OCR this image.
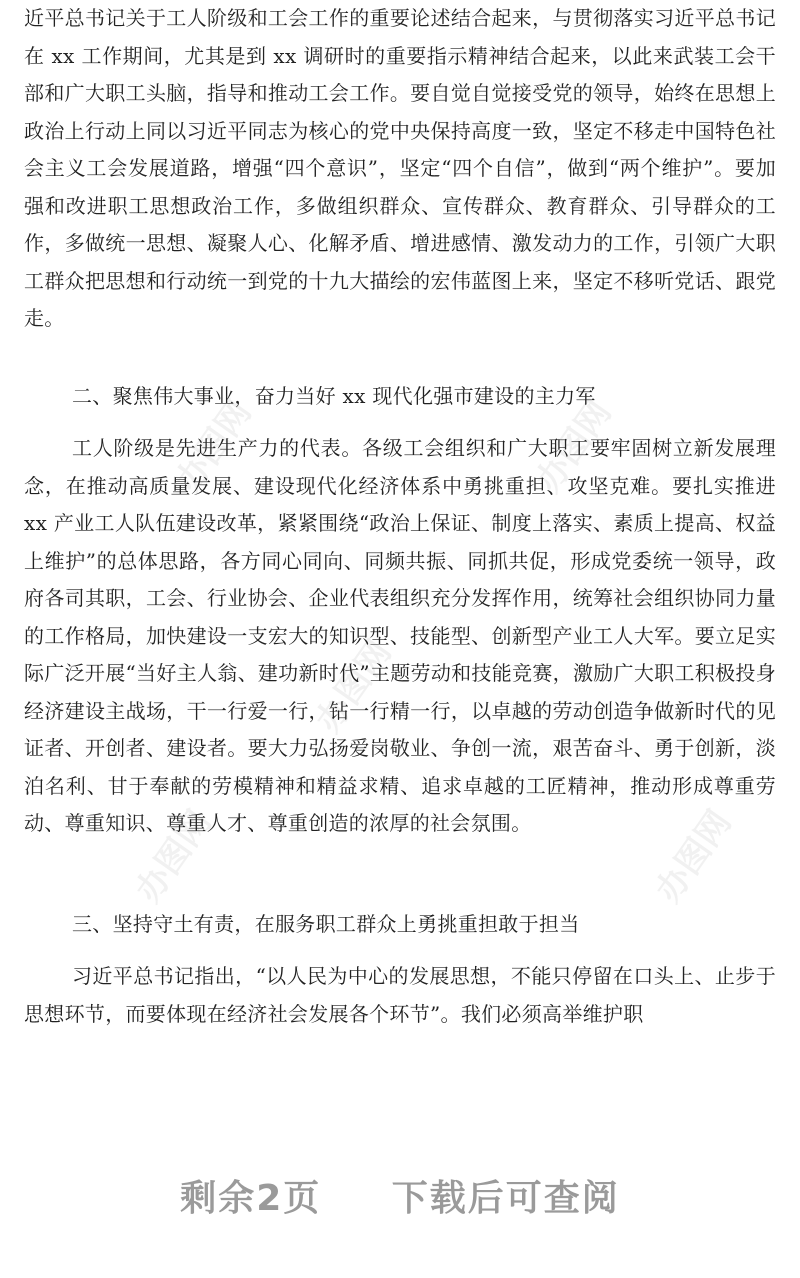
办图网	办图网
办图网
办图网	办图网

近平总书记关于工人阶级和工会工作的重要论述结合起来，与贯彻落实习近平总书记在 xx 工作期间，尤其是到 xx 调研时的重要指示精神结合起来，以此来武装工会干部和广大职工头脑，指导和推动工会工作。要自觉自觉接受党的领导，始终在思想上政治上行动上同以习近平同志为核心的党中央保持高度一致，坚定不移走中国特色社会主义工会发展道路，增强“四个意识”，坚定“四个自信”，做到“两个维护”。要加强和改进职工思想政治工作，多做组织群众、宣传群众、教育群众、引导群众的工作，多做统一思想、凝聚人心、化解矛盾、增进感情、激发动力的工作，引领广大职工群众把思想和行动统一到党的十九大描绘的宏伟蓝图上来，坚定不移听党话、跟党走。

二、聚焦伟大事业，奋力当好 xx 现代化强市建设的主力军

工人阶级是先进生产力的代表。各级工会组织和广大职工要牢固树立新发展理念，在推动高质量发展、建设现代化经济体系中勇挑重担、攻坚克难。要扎实推进 xx 产业工人队伍建设改革，紧紧围绕“政治上保证、制度上落实、素质上提高、权益上维护”的总体思路，各方同心同向、同频共振、同抓共促，形成党委统一领导，政府各司其职，工会、行业协会、企业代表组织充分发挥作用，统筹社会组织协同力量的工作格局，加快建设一支宏大的知识型、技能型、创新型产业工人大军。要立足实际广泛开展“当好主人翁、建功新时代”主题劳动和技能竞赛，激励广大职工积极投身经济建设主战场，干一行爱一行，钻一行精一行，以卓越的劳动创造争做新时代的见证者、开创者、建设者。要大力弘扬爱岗敬业、争创一流，艰苦奋斗、勇于创新，淡泊名利、甘于奉献的劳模精神和精益求精、追求卓越的工匠精神，推动形成尊重劳动、尊重知识、尊重人才、尊重创造的浓厚的社会氛围。

三、坚持守土有责，在服务职工群众上勇挑重担敢于担当

习近平总书记指出，“以人民为中心的发展思想，不能只停留在口头上、止步于思想环节，而要体现在经济社会发展各个环节”。我们必须高举维护职

剩余2页 下载后可查阅
